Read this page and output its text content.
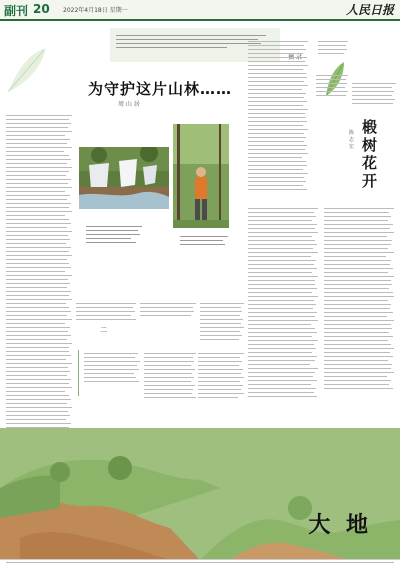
副刊 20 2022年4月18日 星期一	人民日报
为守护这片山林……
周 山 居
二
椴树花开
陈 志 宏
大 地
